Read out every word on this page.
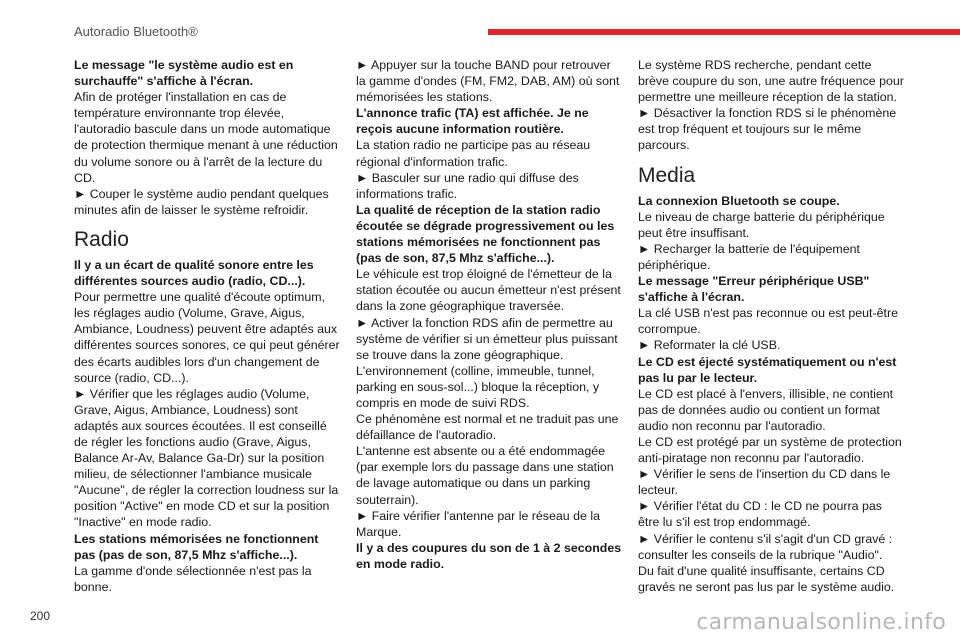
Autoradio Bluetooth®

Le message "le système audio est en surchauffe" s'affiche à l'écran.

Afin de protéger l'installation en cas de température environnante trop élevée, l'autoradio bascule dans un mode automatique de protection thermique menant à une réduction du volume sonore ou à l'arrêt de la lecture du CD.

► Couper le système audio pendant quelques minutes afin de laisser le système refroidir.

Radio

Il y a un écart de qualité sonore entre les différentes sources audio (radio, CD...).

Pour permettre une qualité d'écoute optimum, les réglages audio (Volume, Grave, Aigus, Ambiance, Loudness) peuvent être adaptés aux différentes sources sonores, ce qui peut générer des écarts audibles lors d'un changement de source (radio, CD...).

► Vérifier que les réglages audio (Volume, Grave, Aigus, Ambiance, Loudness) sont adaptés aux sources écoutées. Il est conseillé de régler les fonctions audio (Grave, Aigus, Balance Ar-Av, Balance Ga-Dr) sur la position milieu, de sélectionner l'ambiance musicale "Aucune", de régler la correction loudness sur la position "Active" en mode CD et sur la position "Inactive" en mode radio.

Les stations mémorisées ne fonctionnent pas (pas de son, 87,5 Mhz s'affiche...).

La gamme d'onde sélectionnée n'est pas la bonne.

► Appuyer sur la touche BAND pour retrouver la gamme d'ondes (FM, FM2, DAB, AM) où sont mémorisées les stations.

L'annonce trafic (TA) est affichée. Je ne reçois aucune information routière.

La station radio ne participe pas au réseau régional d'information trafic.

► Basculer sur une radio qui diffuse des informations trafic.

La qualité de réception de la station radio écoutée se dégrade progressivement ou les stations mémorisées ne fonctionnent pas (pas de son, 87,5 Mhz s'affiche...).

Le véhicule est trop éloigné de l'émetteur de la station écoutée ou aucun émetteur n'est présent dans la zone géographique traversée.

► Activer la fonction RDS afin de permettre au système de vérifier si un émetteur plus puissant se trouve dans la zone géographique.

L'environnement (colline, immeuble, tunnel, parking en sous-sol...) bloque la réception, y compris en mode de suivi RDS.

Ce phénomène est normal et ne traduit pas une défaillance de l'autoradio.

L'antenne est absente ou a été endommagée (par exemple lors du passage dans une station de lavage automatique ou dans un parking souterrain).

► Faire vérifier l'antenne par le réseau de la Marque.

Il y a des coupures du son de 1 à 2 secondes en mode radio.

Le système RDS recherche, pendant cette brève coupure du son, une autre fréquence pour permettre une meilleure réception de la station.

► Désactiver la fonction RDS si le phénomène est trop fréquent et toujours sur le même parcours.

Media

La connexion Bluetooth se coupe.

Le niveau de charge batterie du périphérique peut être insuffisant.

► Recharger la batterie de l'équipement périphérique.

Le message "Erreur périphérique USB" s'affiche à l'écran.

La clé USB n'est pas reconnue ou est peut-être corrompue.

► Reformater la clé USB.

Le CD est éjecté systématiquement ou n'est pas lu par le lecteur.

Le CD est placé à l'envers, illisible, ne contient pas de données audio ou contient un format audio non reconnu par l'autoradio.

Le CD est protégé par un système de protection anti-piratage non reconnu par l'autoradio.

► Vérifier le sens de l'insertion du CD dans le lecteur.

► Vérifier l'état du CD : le CD ne pourra pas être lu s'il est trop endommagé.

► Vérifier le contenu s'il s'agit d'un CD gravé : consulter les conseils de la rubrique "Audio".

Du fait d'une qualité insuffisante, certains CD gravés ne seront pas lus par le système audio.

200	carmanualsonline.info
